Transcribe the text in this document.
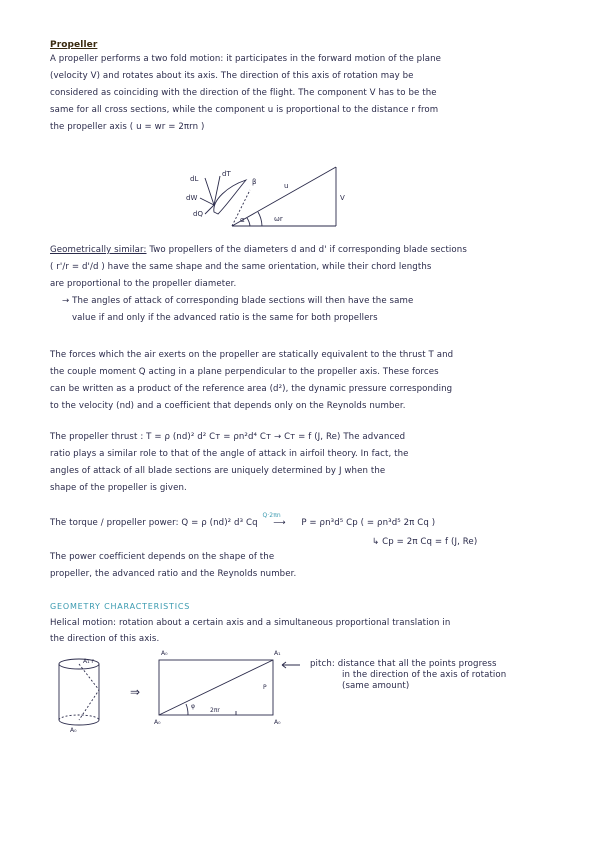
Propeller
A propeller performs a two fold motion: it participates in the forward motion of the plane
(velocity V) and rotates about its axis. The direction of this axis of rotation may be
considered as coinciding with the direction of the flight. The component V has to be the
same for all cross sections, while the component u is proportional to the distance r from
the propeller axis ( u = wr = 2πrn )
dL
dT
dW
dQ
u
V
ωr
β
α
Geometrically similar: Two propellers of the diameters d and d' if corresponding blade sections
( r'/r = d'/d ) have the same shape and the same orientation, while their chord lengths
are proportional to the propeller diameter.
→ The angles of attack of corresponding blade sections will then have the same
value if and only if the advanced ratio is the same for both propellers
The forces which the air exerts on the propeller are statically equivalent to the thrust T and
the couple moment Q acting in a plane perpendicular to the propeller axis. These forces
can be written as a product of the reference area (d²), the dynamic pressure corresponding
to the velocity (nd) and a coefficient that depends only on the Reynolds number.
The propeller thrust : T = ρ (nd)² d² Cᴛ = ρn²d⁴ Cᴛ → Cᴛ = f (J, Re) The advanced
ratio plays a similar role to that of the angle of attack in airfoil theory. In fact, the
angles of attack of all blade sections are uniquely determined by J when the
shape of the propeller is given.
The torque / propeller power: Q = ρ (nd)² d³ Cq
Q·2πn
⟶ P = ρn³d⁵ Cp ( = ρn³d⁵ 2π Cq )
↳ Cp = 2π Cq = f (J, Re)
The power coefficient depends on the shape of the
propeller, the advanced ratio and the Reynolds number.
GEOMETRY CHARACTERISTICS
Helical motion: rotation about a certain axis and a simultaneous proportional translation in
the direction of this axis.
pitch: distance that all the points progress
in the direction of the axis of rotation
(same amount)
A₁ r
A₀
⇒
A₀	A₁
A₀	A₀
P
2πr
φ
